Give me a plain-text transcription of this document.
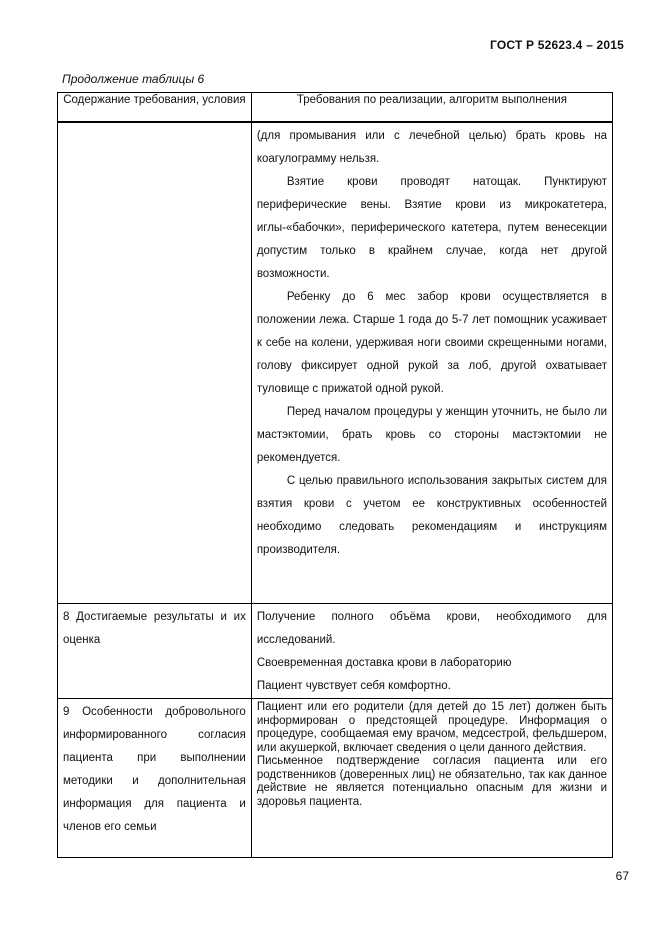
ГОСТ Р 52623.4 – 2015
Продолжение таблицы 6
Содержание требования, условия	Требования по реализации, алгоритм выполнения

	(для промывания или с лечебной целью) брать кровь на коагулограмму нельзя.

Взятие крови проводят натощак. Пунктируют периферические вены. Взятие крови из микрокатетера, иглы-«бабочки», периферического катетера, путем венесекции допустим только в крайнем случае, когда нет другой возможности.

Ребенку до 6 мес забор крови осуществляется в положении лежа. Старше 1 года до 5-7 лет помощник усаживает к себе на колени, удерживая ноги своими скрещенными ногами, голову фиксирует одной рукой за лоб, другой охватывает туловище с прижатой одной рукой.

Перед началом процедуры у женщин уточнить, не было ли мастэктомии, брать кровь со стороны мастэктомии не рекомендуется.

С целью правильного использования закрытых систем для взятия крови с учетом ее конструктивных особенностей необходимо следовать рекомендациям и инструкциям производителя.

8 Достигаемые результаты и их оценка	Получение полного объёма крови, необходимого для исследований.

Своевременная доставка крови в лабораторию

Пациент чувствует себя комфортно.

9 Особенности добровольного информированного согласия пациента при выполнении методики и дополнительная информация для пациента и членов его семьи	Пациент или его родители (для детей до 15 лет) должен быть информирован о предстоящей процедуре. Информация о процедуре, сообщаемая ему врачом, медсестрой, фельдшером, или акушеркой, включает сведения о цели данного действия.

Письменное подтверждение согласия пациента или его родственников (доверенных лиц) не обязательно, так как данное действие не является потенциально опасным для жизни и здоровья пациента.

67
